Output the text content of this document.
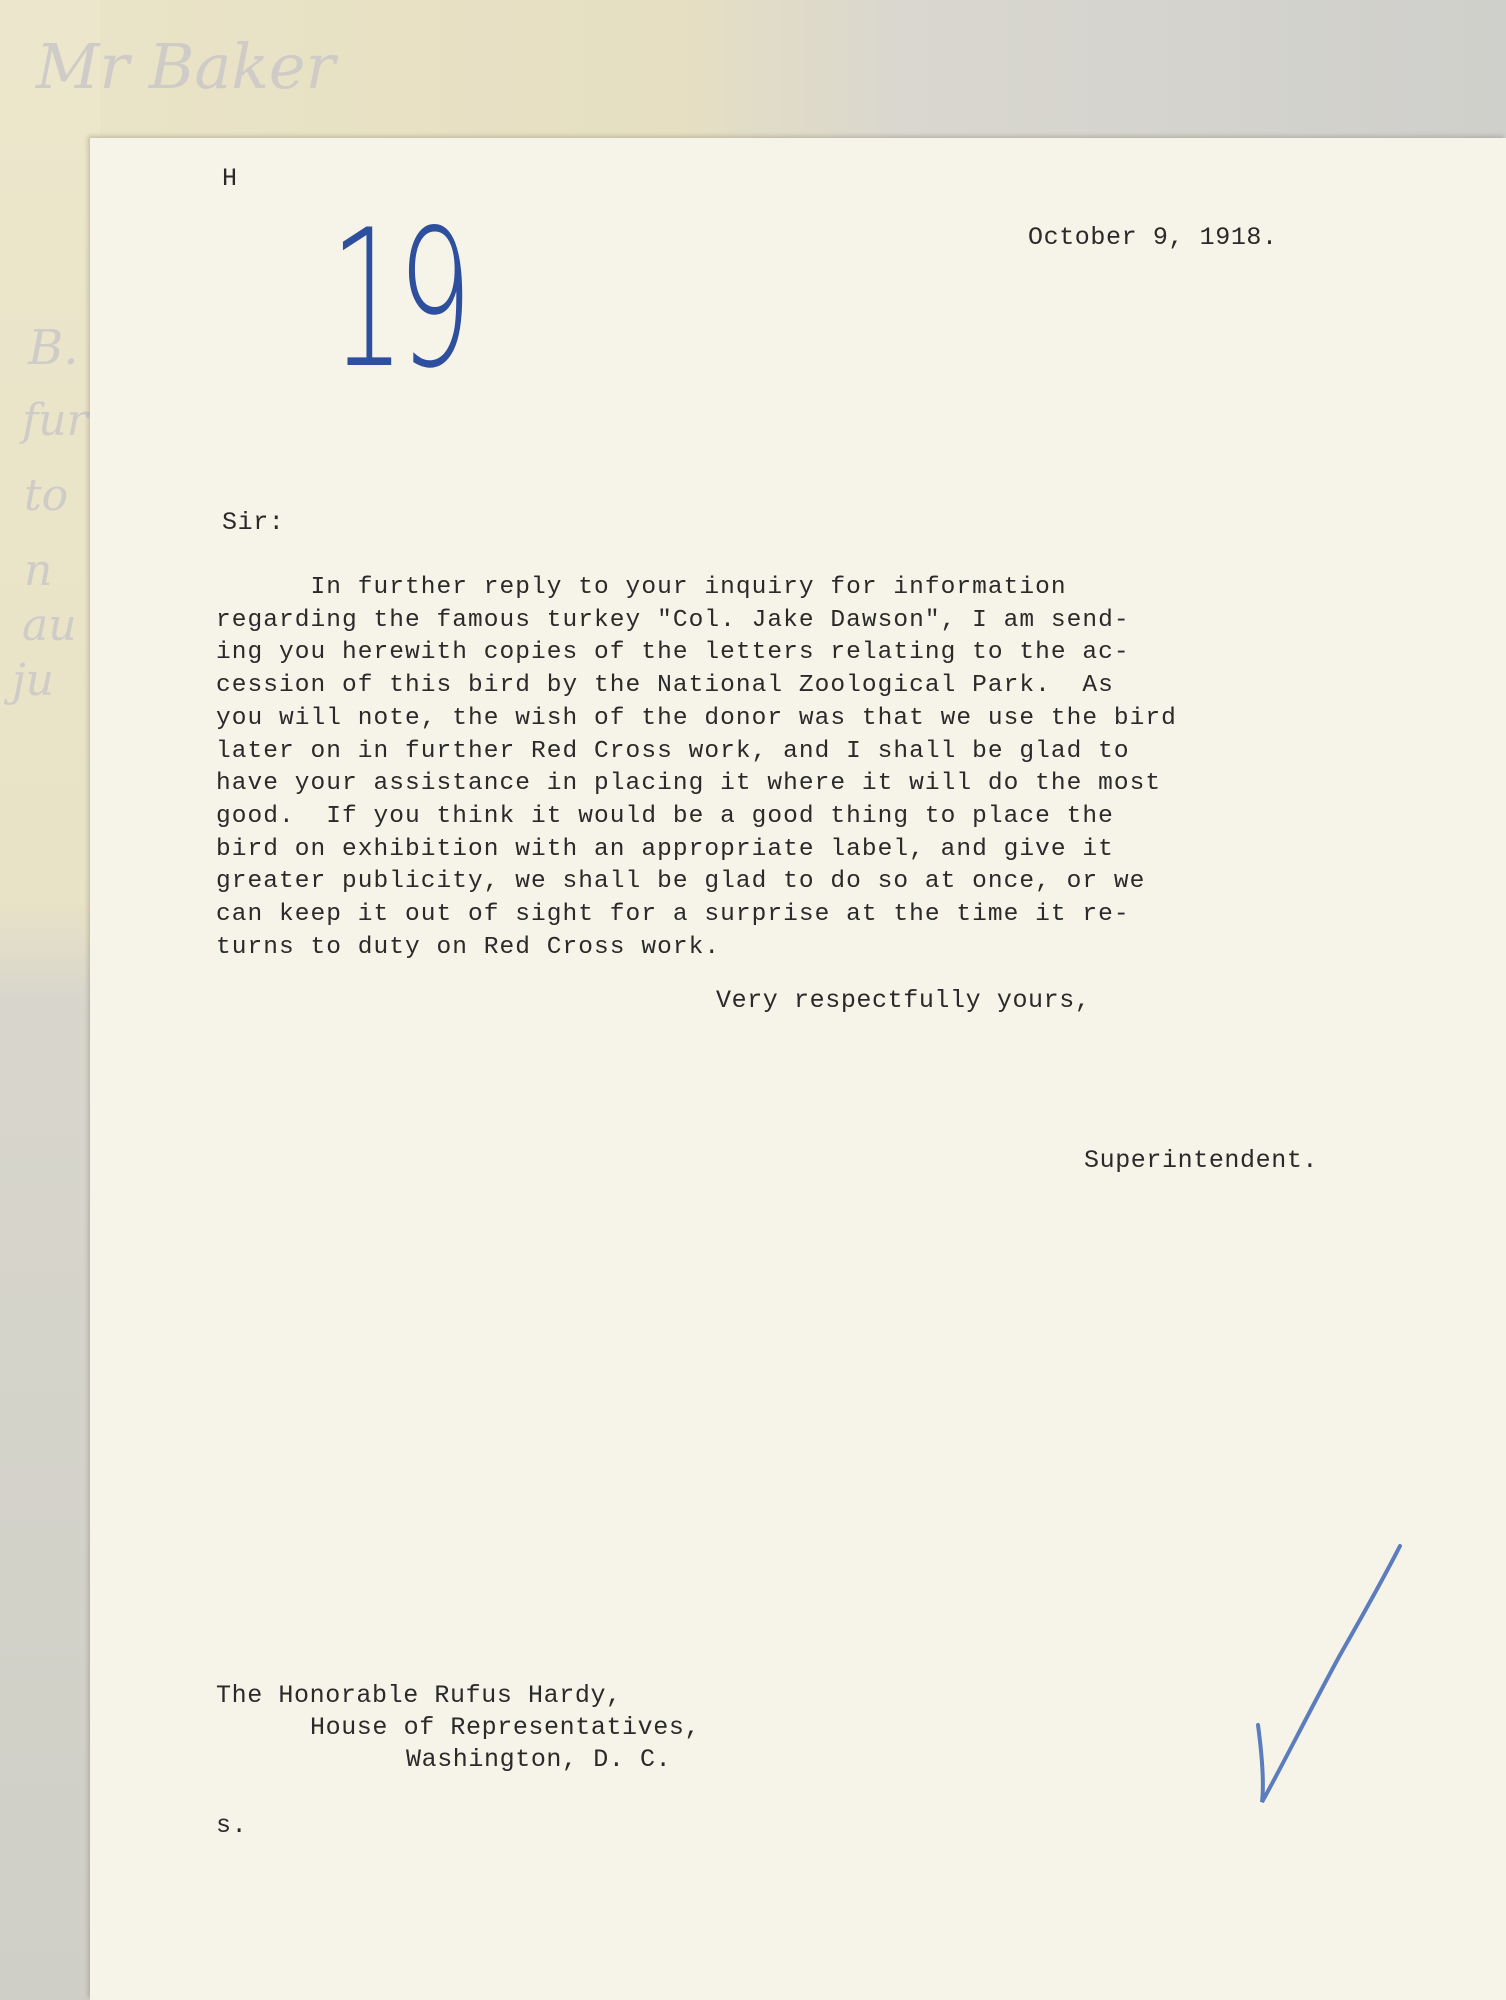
Mr Baker
B.
fur
to
n
au
ju
H
19	October 9, 1918.
Sir:
In further reply to your inquiry for information
regarding the famous turkey "Col. Jake Dawson", I am send-
ing you herewith copies of the letters relating to the ac-
cession of this bird by the National Zoological Park.  As
you will note, the wish of the donor was that we use the bird
later on in further Red Cross work, and I shall be glad to
have your assistance in placing it where it will do the most
good.  If you think it would be a good thing to place the
bird on exhibition with an appropriate label, and give it
greater publicity, we shall be glad to do so at once, or we
can keep it out of sight for a surprise at the time it re-
turns to duty on Red Cross work.
Very respectfully yours,
Superintendent.
The Honorable Rufus Hardy,
House of Representatives,
Washington, D. C.
s.
